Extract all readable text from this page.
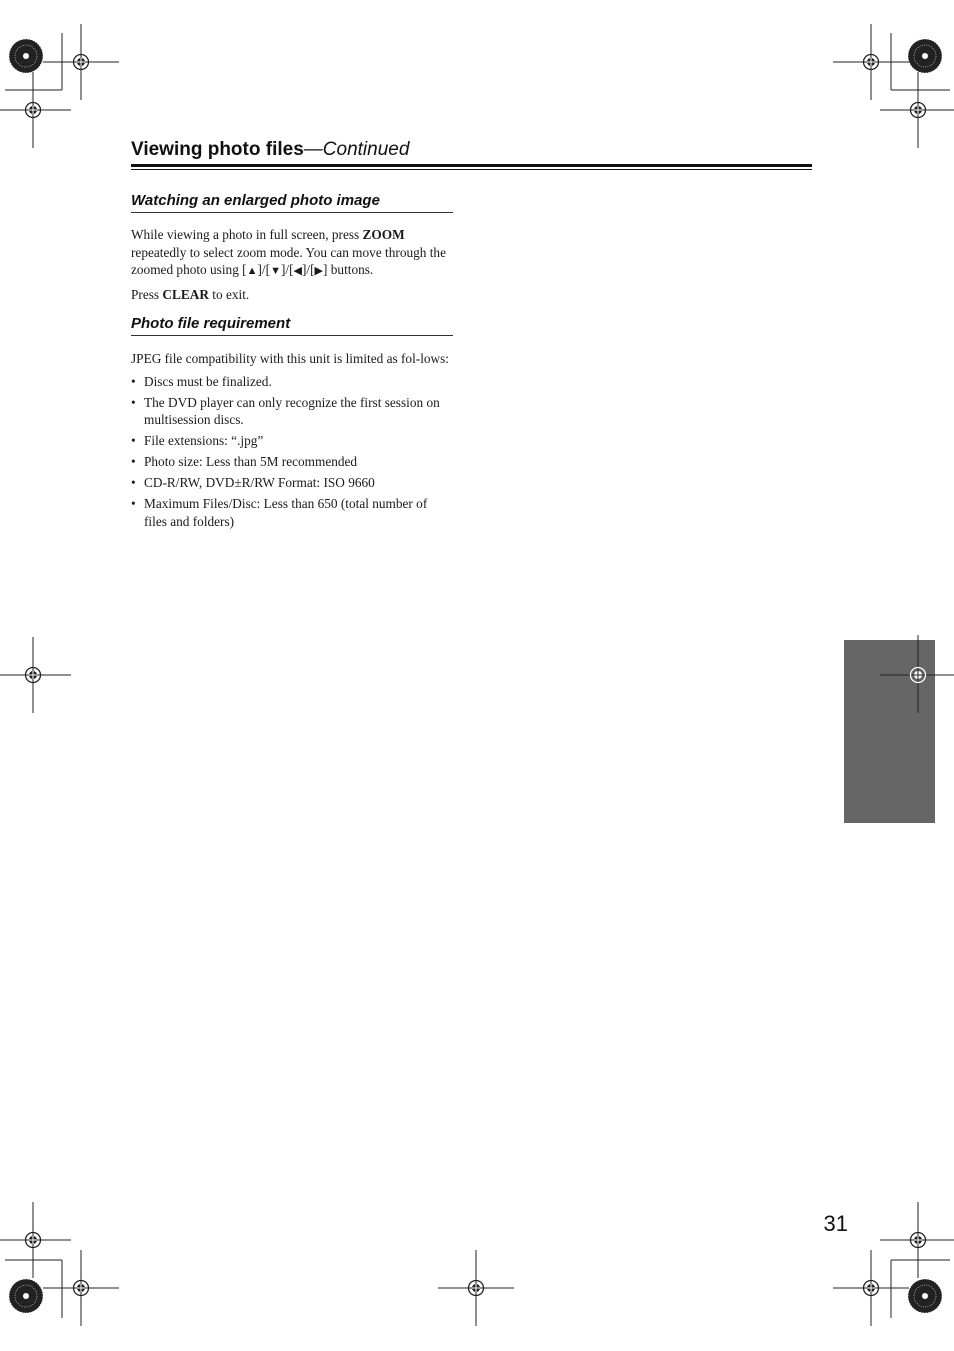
Viewing photo files—Continued
Watching an enlarged photo image

While viewing a photo in full screen, press ZOOM repeatedly to select zoom mode. You can move through the zoomed photo using [▲]/[▼]/[◀]/[▶] buttons.

Press CLEAR to exit.

Photo file requirement

JPEG file compatibility with this unit is limited as fol-lows:

• Discs must be finalized.
• The DVD player can only recognize the first session on multisession discs.
• File extensions: “.jpg”
• Photo size: Less than 5M recommended
• CD-R/RW, DVD±R/RW Format: ISO 9660
• Maximum Files/Disc: Less than 650 (total number of files and folders)
31
